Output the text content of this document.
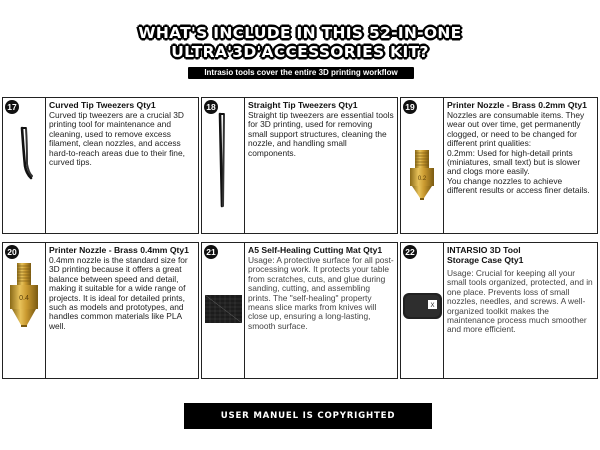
WHAT'S INCLUDE IN THIS 52-IN-ONE
ULTRA'3D'ACCESSORIES KIT?
Intrasio tools cover the entire 3D printing workflow
17	Curved Tip Tweezers Qty1
Curved tip tweezers are a crucial 3D printing tool for maintenance and cleaning, used to remove excess filament, clean nozzles, and access hard-to-reach areas due to their fine, curved tips.
18	Straight Tip Tweezers Qty1
Straight tip tweezers are essential tools for 3D printing, used for removing small support structures, cleaning the nozzle, and handling small components.
0.2
19	Printer Nozzle - Brass 0.2mm Qty1
Nozzles are consumable items. They wear out over time, get permanently clogged, or need to be changed for different print qualities:
0.2mm: Used for high-detail prints (miniatures, small text) but is slower and clogs more easily.
You change nozzles to achieve different results or access finer details.
0.4
20	Printer Nozzle - Brass 0.4mm Qty1
0.4mm nozzle is the standard size for 3D printing because it offers a great balance between speed and detail, making it suitable for a wide range of projects. It is ideal for detailed prints, such as models and prototypes, and handles common materials like PLA well.
21	A5 Self-Healing Cutting Mat Qty1
Usage: A protective surface for all post-processing work. It protects your table from scratches, cuts, and glue during sanding, cutting, and assembling prints. The "self-healing" property means slice marks from knives will close up, ensuring a long-lasting, smooth surface.
X
22	INTARSIO 3D Tool
Storage Case Qty1
Usage: Crucial for keeping all your small tools organized, protected, and in one place. Prevents loss of small nozzles, needles, and screws. A well-organized toolkit makes the maintenance process much smoother and more efficient.
USER MANUEL IS COPYRIGHTED
